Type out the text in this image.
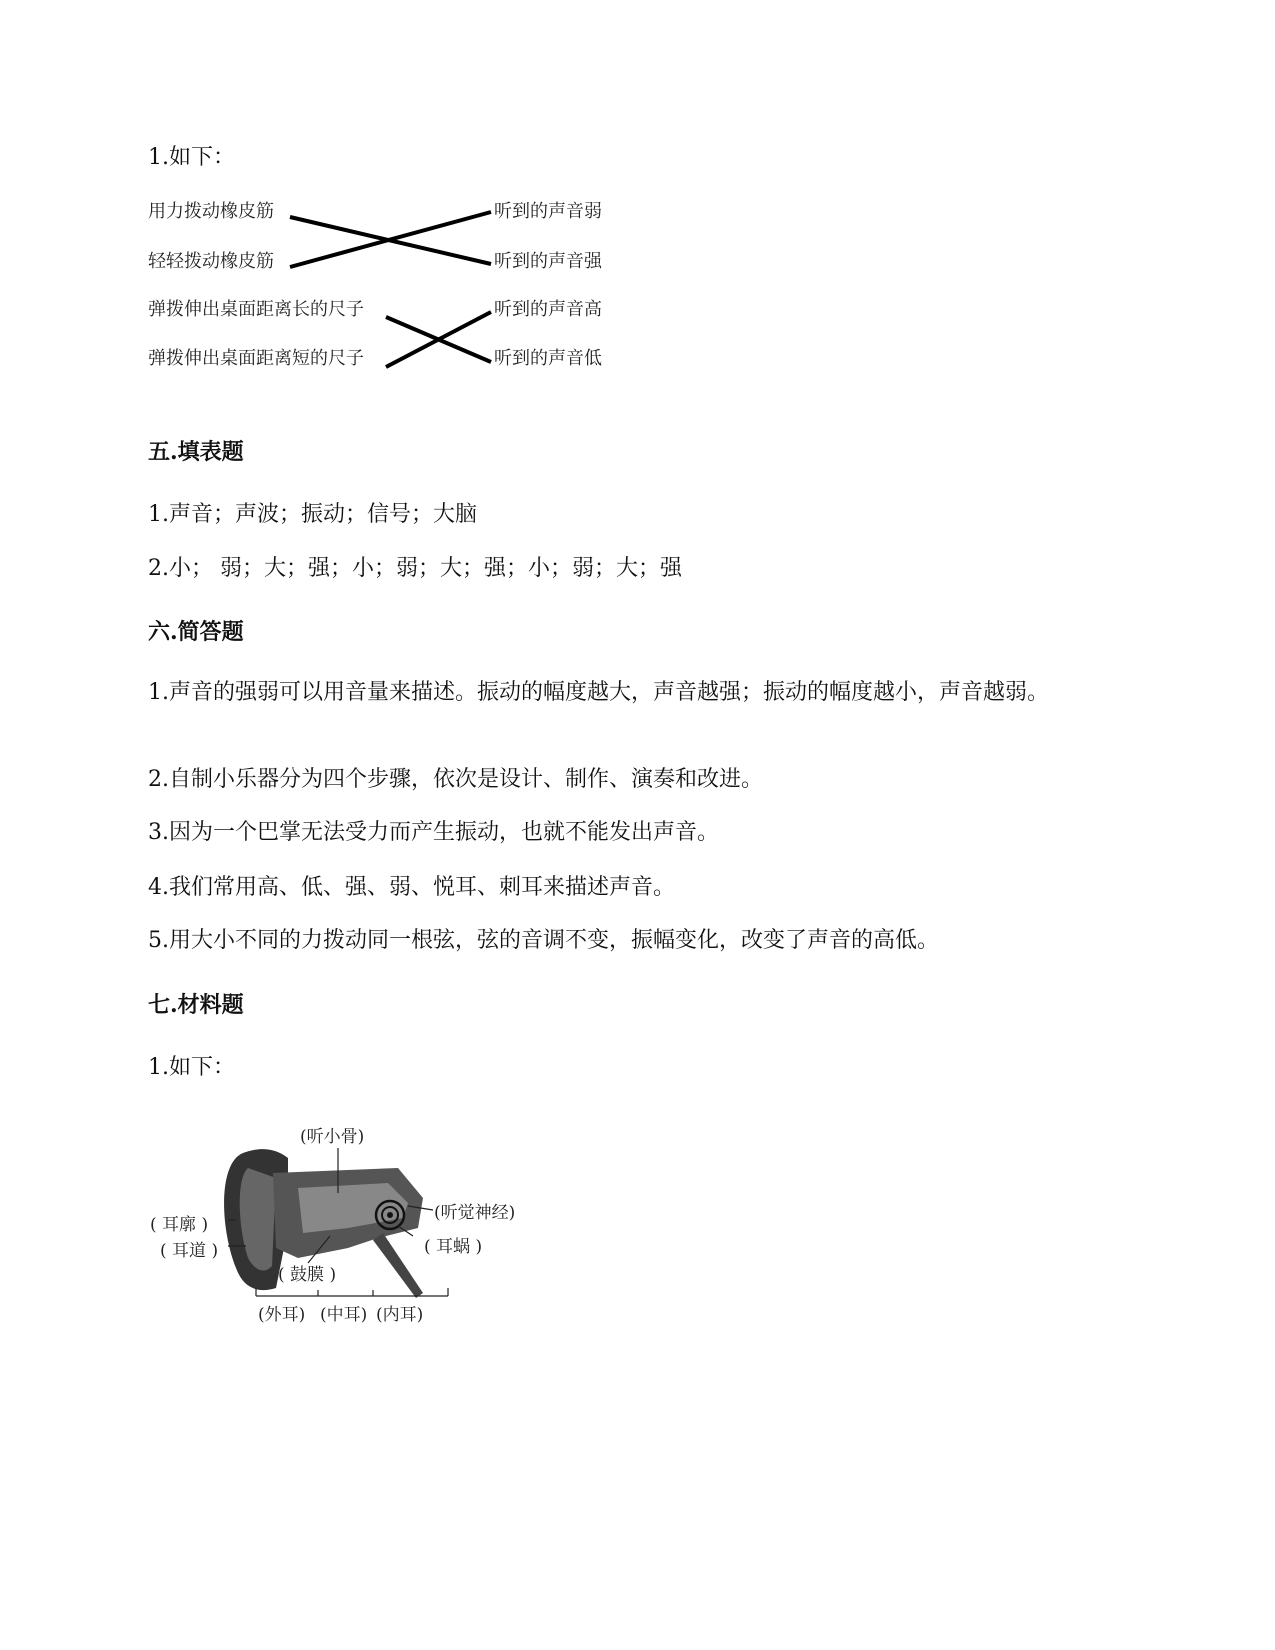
1.如下：
用力拨动橡皮筋
轻轻拨动橡皮筋
弹拨伸出桌面距离长的尺子
弹拨伸出桌面距离短的尺子
听到的声音弱
听到的声音强
听到的声音高
听到的声音低
五.填表题
1.声音；声波；振动；信号；大脑
2.小； 弱；大；强；小；弱；大；强；小；弱；大；强
六.简答题
1.声音的强弱可以用音量来描述。振动的幅度越大，声音越强；振动的幅度越小，声音越弱。
2.自制小乐器分为四个步骤，依次是设计、制作、演奏和改进。
3.因为一个巴掌无法受力而产生振动，也就不能发出声音。
4.我们常用高、低、强、弱、悦耳、刺耳来描述声音。
5.用大小不同的力拨动同一根弦，弦的音调不变，振幅变化，改变了声音的高低。
七.材料题
1.如下：
(听小骨)
(听觉神经)
( 耳廓 )
( 耳道 )	( 耳蜗 )
( 鼓膜 )
(外耳) (中耳) (内耳)
